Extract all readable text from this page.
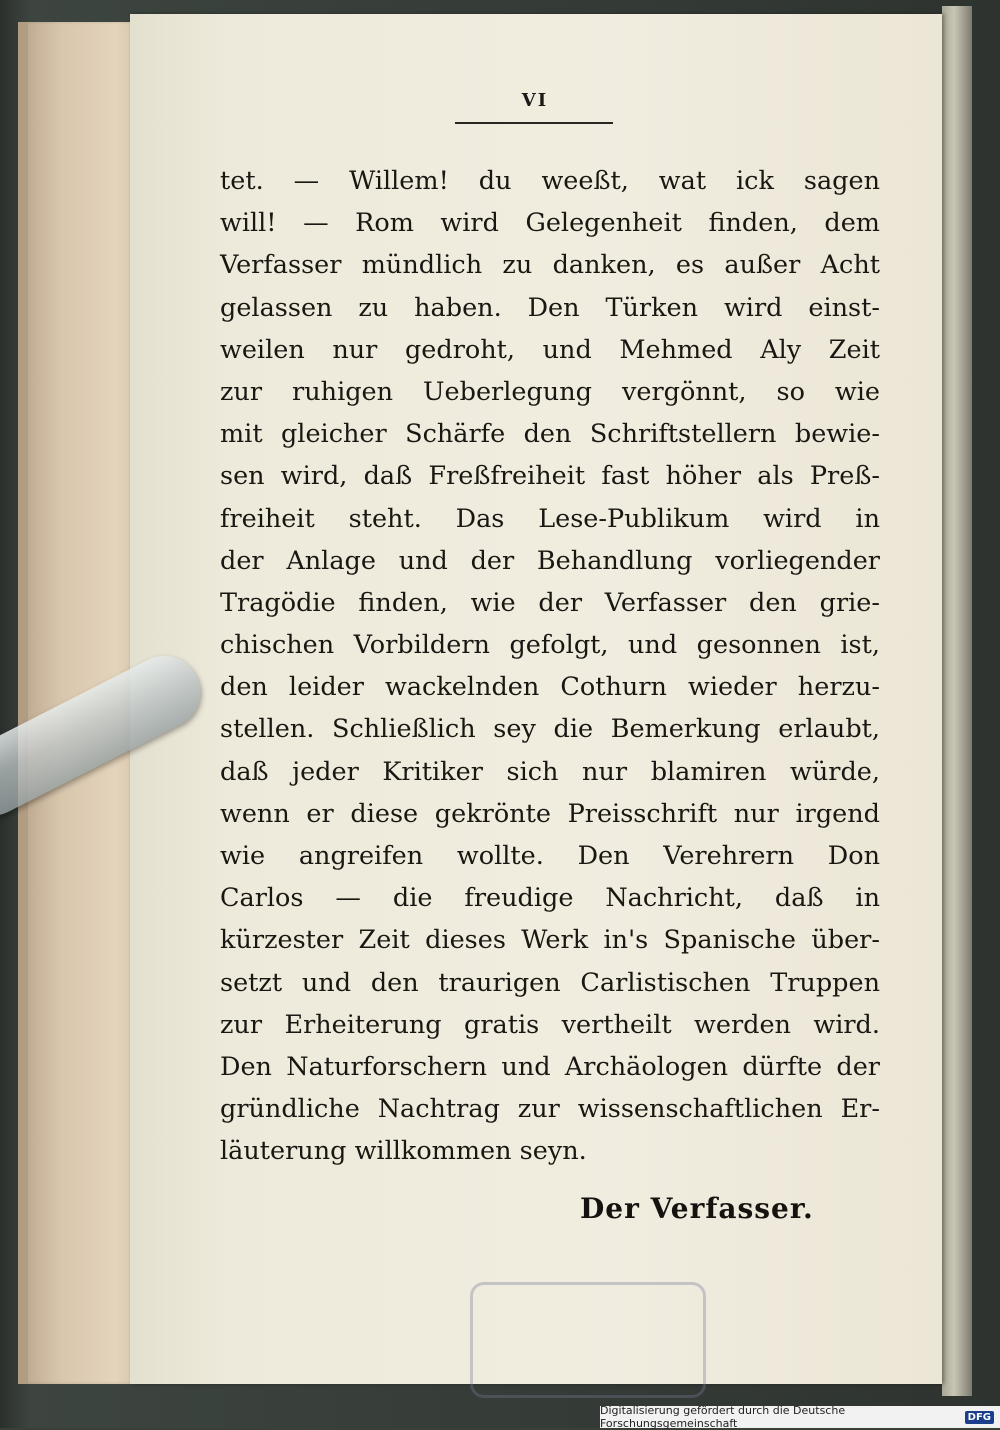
VI
tet. — Willem! du weeßt, wat ick sagen
will! — Rom wird Gelegenheit finden, dem
Verfasser mündlich zu danken, es außer Acht
gelassen zu haben. Den Türken wird einst-
weilen nur gedroht, und Mehmed Aly Zeit
zur ruhigen Ueberlegung vergönnt, so wie
mit gleicher Schärfe den Schriftstellern bewie-
sen wird, daß Freßfreiheit fast höher als Preß-
freiheit steht. Das Lese-Publikum wird in
der Anlage und der Behandlung vorliegender
Tragödie finden, wie der Verfasser den grie-
chischen Vorbildern gefolgt, und gesonnen ist,
den leider wackelnden Cothurn wieder herzu-
stellen. Schließlich sey die Bemerkung erlaubt,
daß jeder Kritiker sich nur blamiren würde,
wenn er diese gekrönte Preisschrift nur irgend
wie angreifen wollte. Den Verehrern Don
Carlos — die freudige Nachricht, daß in
kürzester Zeit dieses Werk in's Spanische über-
setzt und den traurigen Carlistischen Truppen
zur Erheiterung gratis vertheilt werden wird.
Den Naturforschern und Archäologen dürfte der
gründliche Nachtrag zur wissenschaftlichen Er-
läuterung willkommen seyn.
Der Verfasser.
Digitalisierung gefördert durch die Deutsche Forschungsgemeinschaft	DFG
